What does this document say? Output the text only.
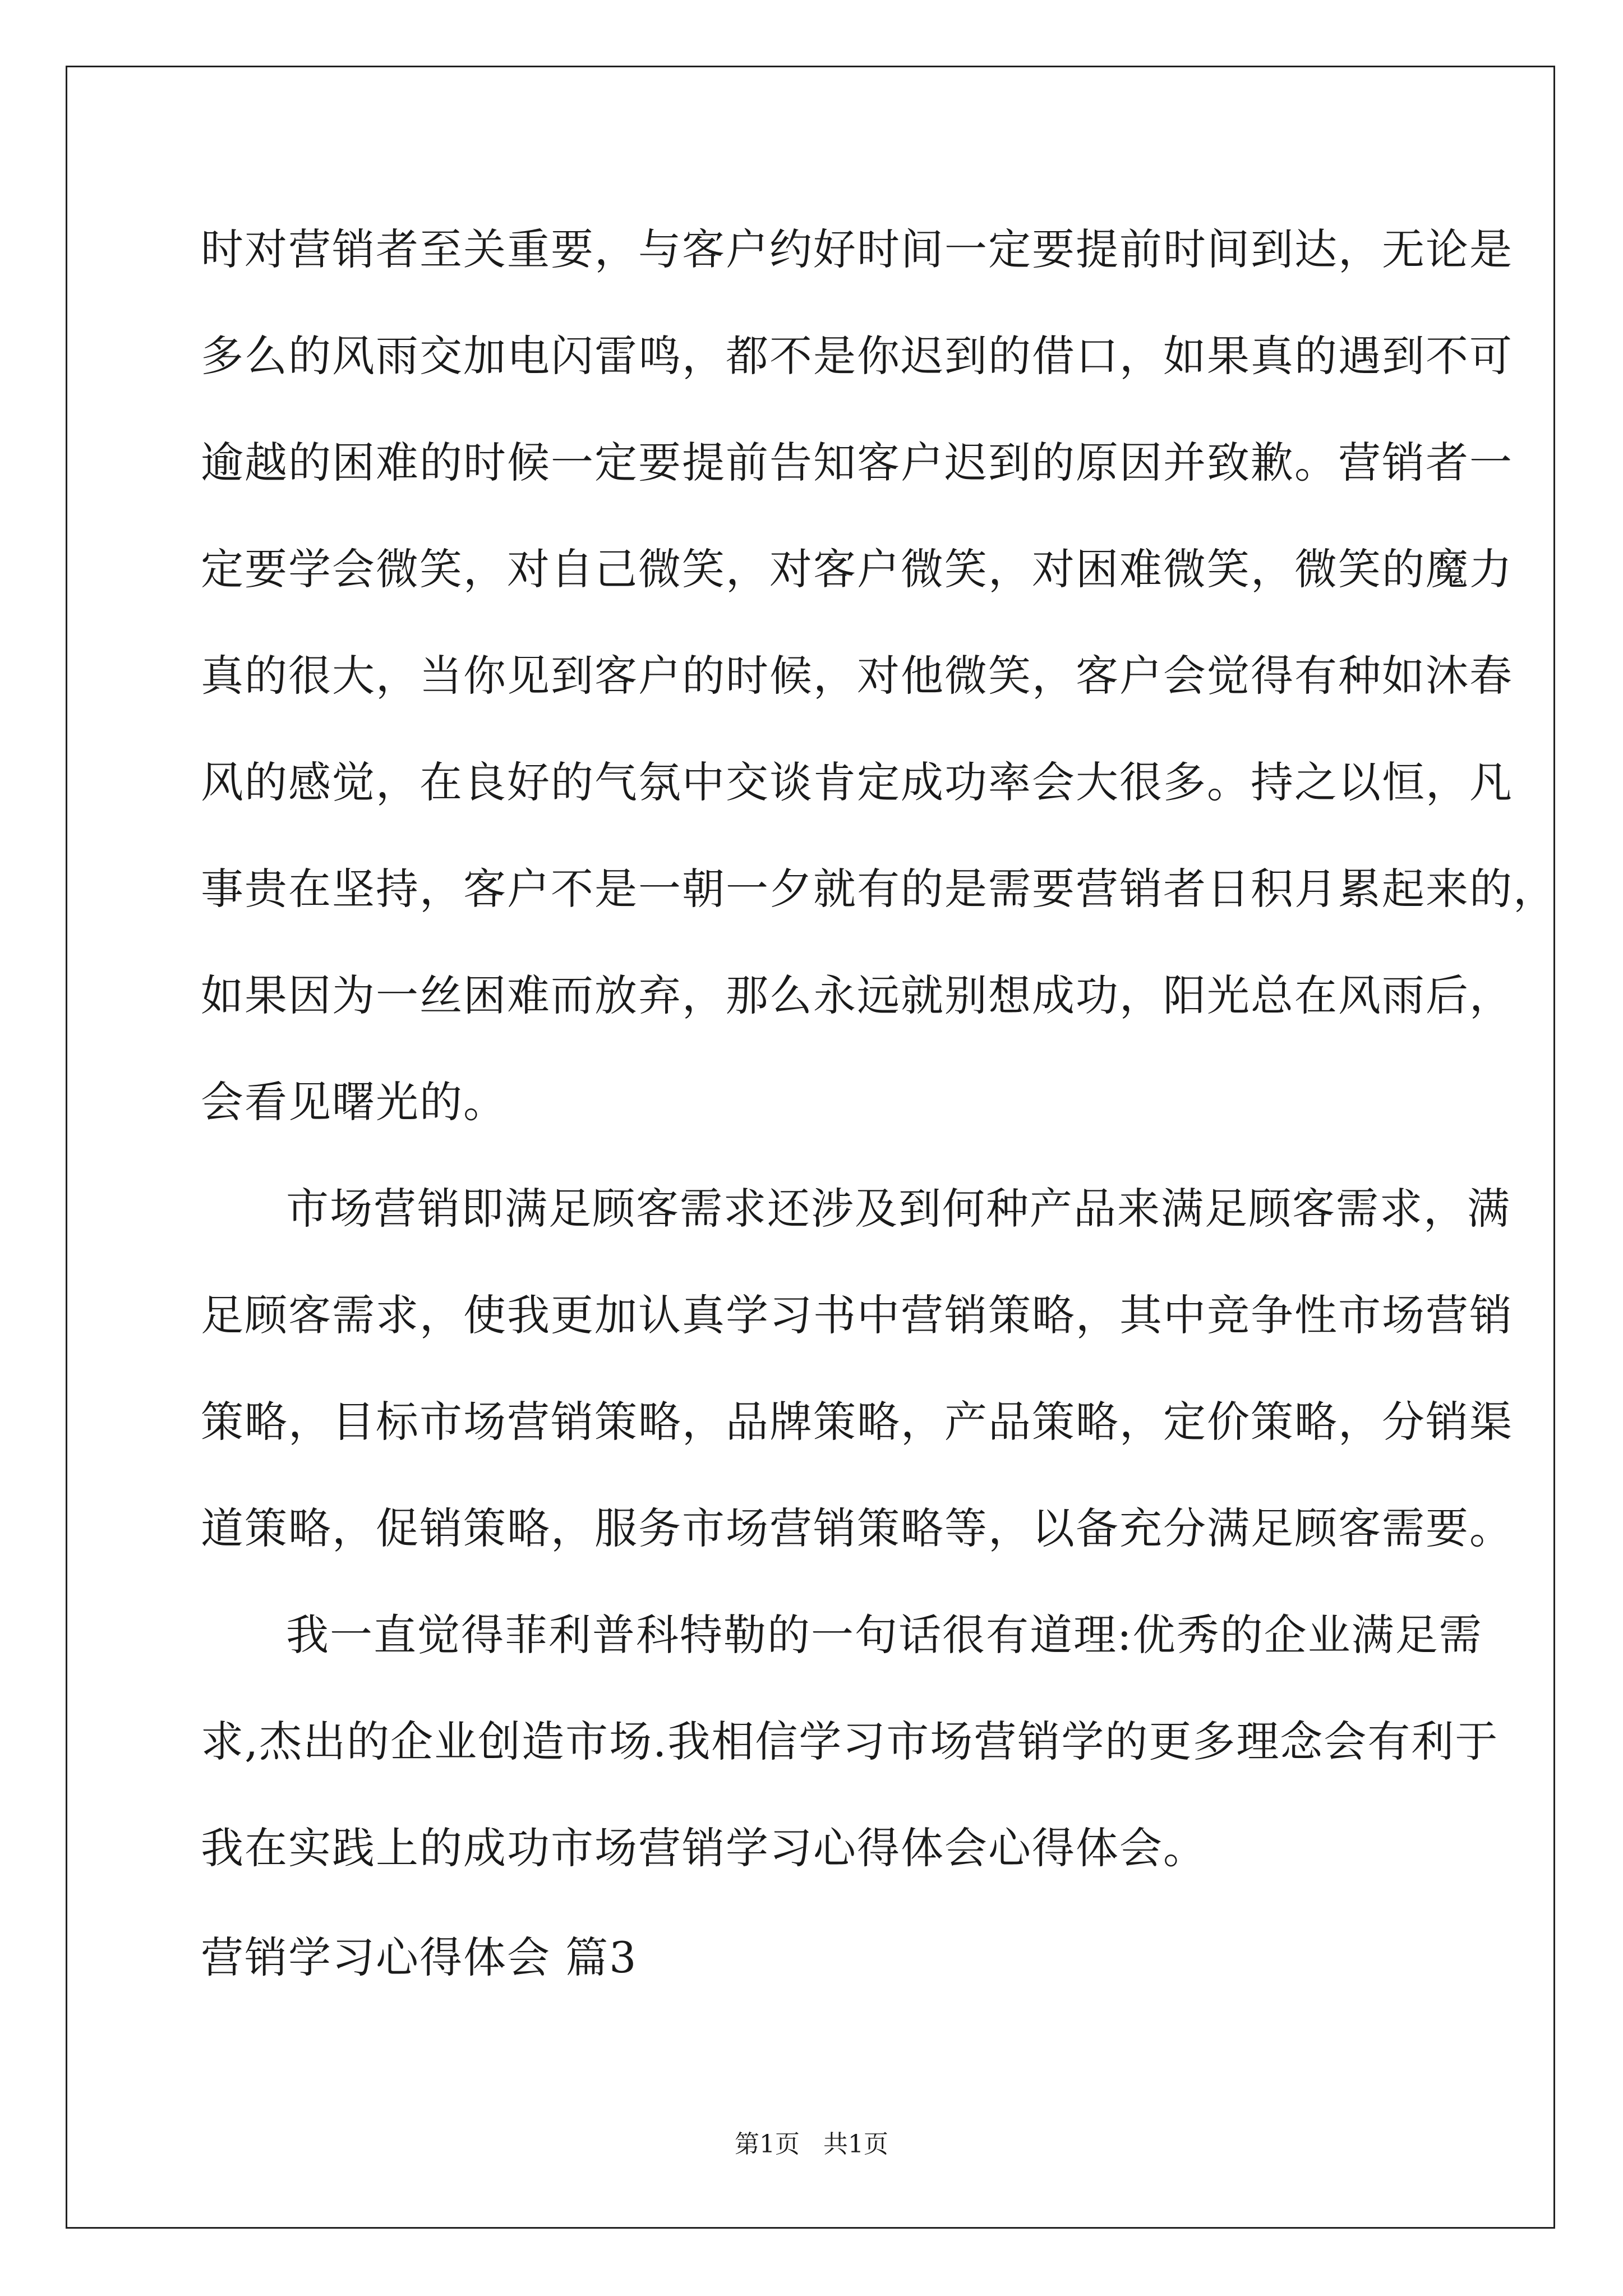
时对营销者至关重要，与客户约好时间一定要提前时间到达，无论是
多么的风雨交加电闪雷鸣，都不是你迟到的借口，如果真的遇到不可
逾越的困难的时候一定要提前告知客户迟到的原因并致歉。营销者一
定要学会微笑，对自己微笑，对客户微笑，对困难微笑，微笑的魔力
真的很大，当你见到客户的时候，对他微笑，客户会觉得有种如沐春
风的感觉，在良好的气氛中交谈肯定成功率会大很多。持之以恒，凡
事贵在坚持，客户不是一朝一夕就有的是需要营销者日积月累起来的，
如果因为一丝困难而放弃，那么永远就别想成功，阳光总在风雨后，
会看见曙光的。
市场营销即满足顾客需求还涉及到何种产品来满足顾客需求，满
足顾客需求，使我更加认真学习书中营销策略，其中竞争性市场营销
策略，目标市场营销策略，品牌策略，产品策略，定价策略，分销渠
道策略，促销策略，服务市场营销策略等，以备充分满足顾客需要。
我一直觉得菲利普科特勒的一句话很有道理:优秀的企业满足需
求,杰出的企业创造市场.我相信学习市场营销学的更多理念会有利于
我在实践上的成功市场营销学习心得体会心得体会。
营销学习心得体会 篇3
第1页   共1页
